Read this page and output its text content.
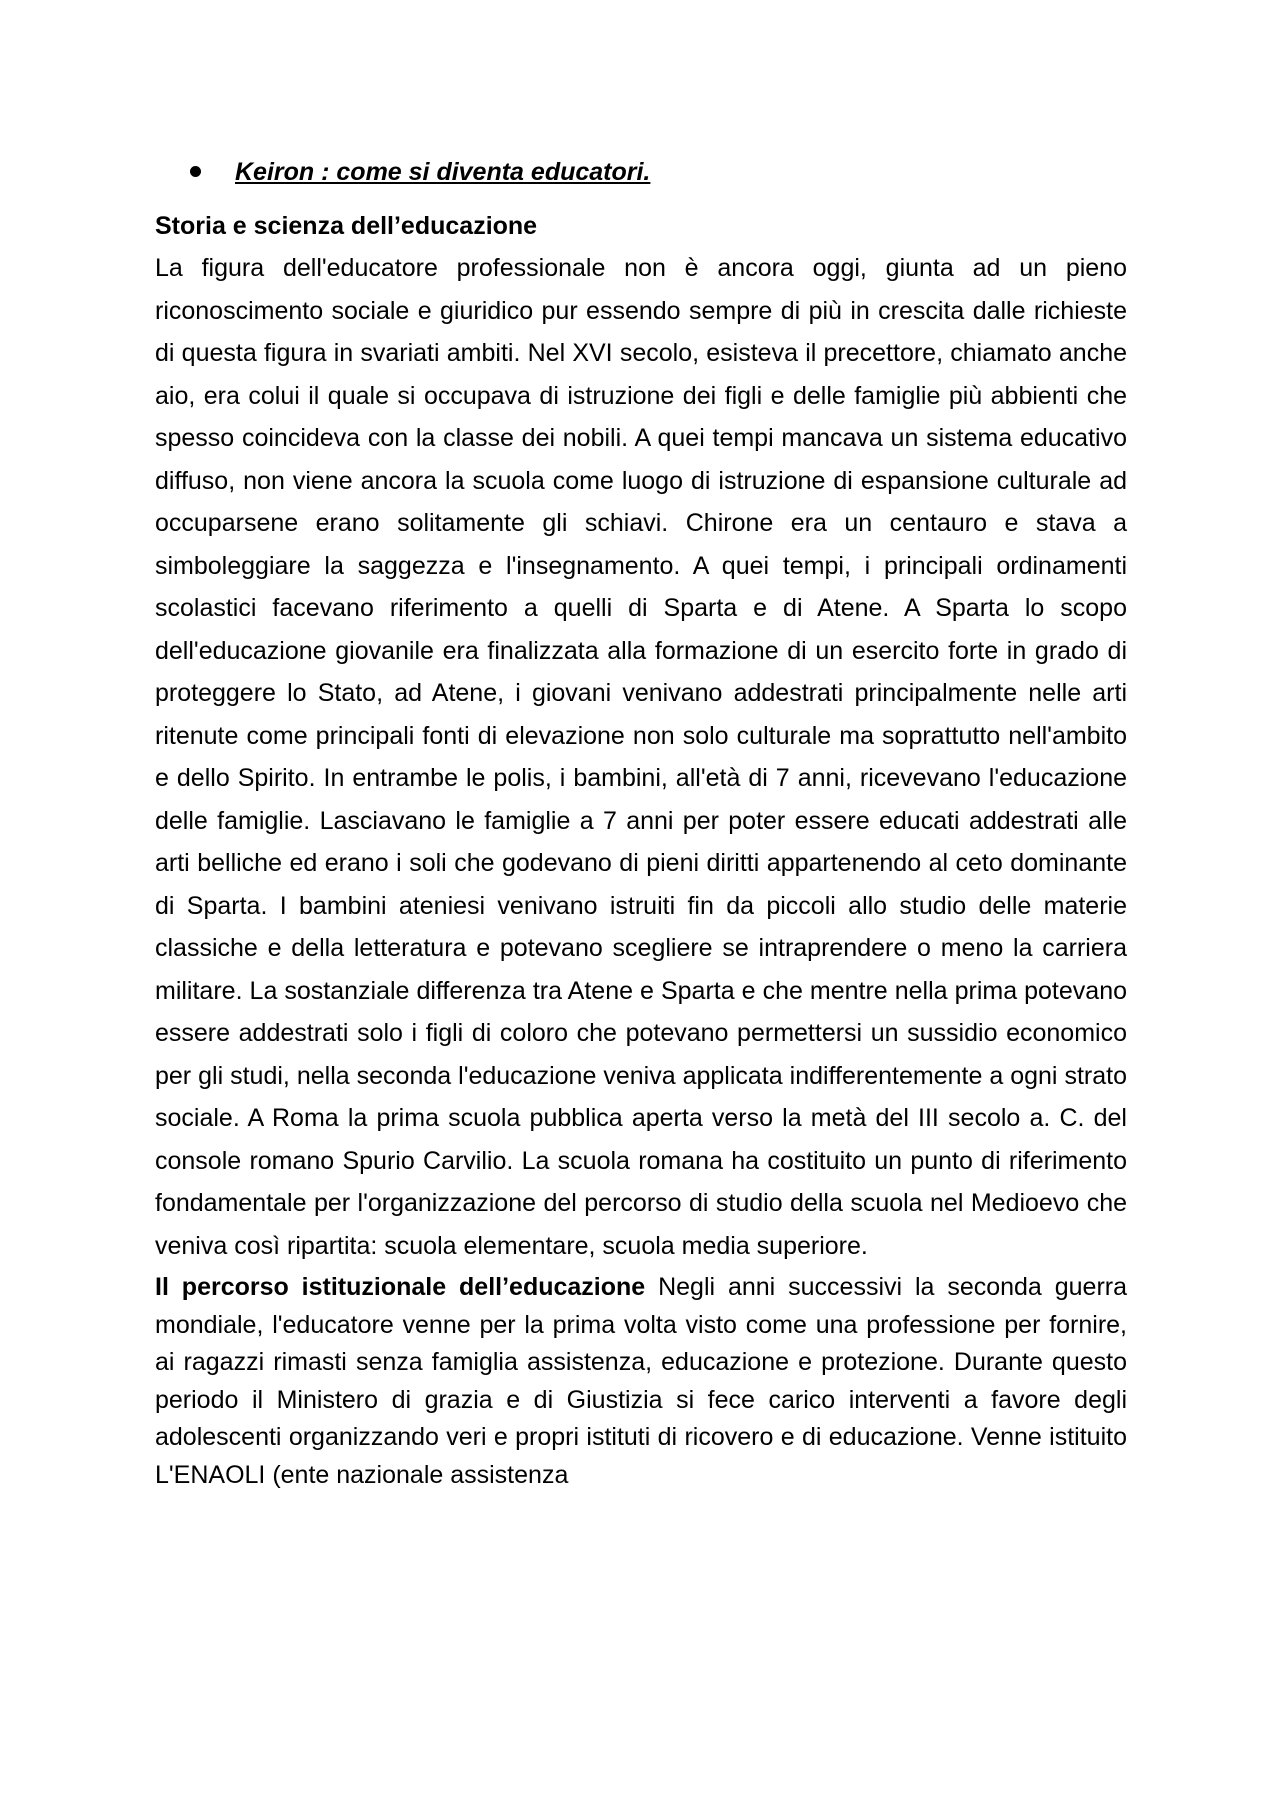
Keiron : come si diventa educatori.
Storia e scienza dell’educazione

La figura dell'educatore professionale non è ancora oggi, giunta ad un pieno riconoscimento sociale e giuridico pur essendo sempre di più in crescita dalle richieste di questa figura in svariati ambiti. Nel XVI secolo, esisteva il precettore, chiamato anche aio, era colui il quale si occupava di istruzione dei figli e delle famiglie più abbienti che spesso coincideva con la classe dei nobili. A quei tempi mancava un sistema educativo diffuso, non viene ancora la scuola come luogo di istruzione di espansione culturale ad occuparsene erano solitamente gli schiavi. Chirone era un centauro e stava a simboleggiare la saggezza e l'insegnamento. A quei tempi, i principali ordinamenti scolastici facevano riferimento a quelli di Sparta e di Atene. A Sparta lo scopo dell'educazione giovanile era finalizzata alla formazione di un esercito forte in grado di proteggere lo Stato, ad Atene, i giovani venivano addestrati principalmente nelle arti ritenute come principali fonti di elevazione non solo culturale ma soprattutto nell'ambito e dello Spirito. In entrambe le polis, i bambini, all'età di 7 anni, ricevevano l'educazione delle famiglie. Lasciavano le famiglie a 7 anni per poter essere educati addestrati alle arti belliche ed erano i soli che godevano di pieni diritti appartenendo al ceto dominante di Sparta. I bambini ateniesi venivano istruiti fin da piccoli allo studio delle materie classiche e della letteratura e potevano scegliere se intraprendere o meno la carriera militare. La sostanziale differenza tra Atene e Sparta e che mentre nella prima potevano essere addestrati solo i figli di coloro che potevano permettersi un sussidio economico per gli studi, nella seconda l'educazione veniva applicata indifferentemente a ogni strato sociale. A Roma la prima scuola pubblica aperta verso la metà del III secolo a. C. del console romano Spurio Carvilio. La scuola romana ha costituito un punto di riferimento fondamentale per l'organizzazione del percorso di studio della scuola nel Medioevo che veniva così ripartita: scuola elementare, scuola media superiore.

Il percorso istituzionale dell’educazione Negli anni successivi la seconda guerra mondiale, l'educatore venne per la prima volta visto come una professione per fornire, ai ragazzi rimasti senza famiglia assistenza, educazione e protezione. Durante questo periodo il Ministero di grazia e di Giustizia si fece carico interventi a favore degli adolescenti organizzando veri e propri istituti di ricovero e di educazione. Venne istituito L'ENAOLI (ente nazionale assistenza
